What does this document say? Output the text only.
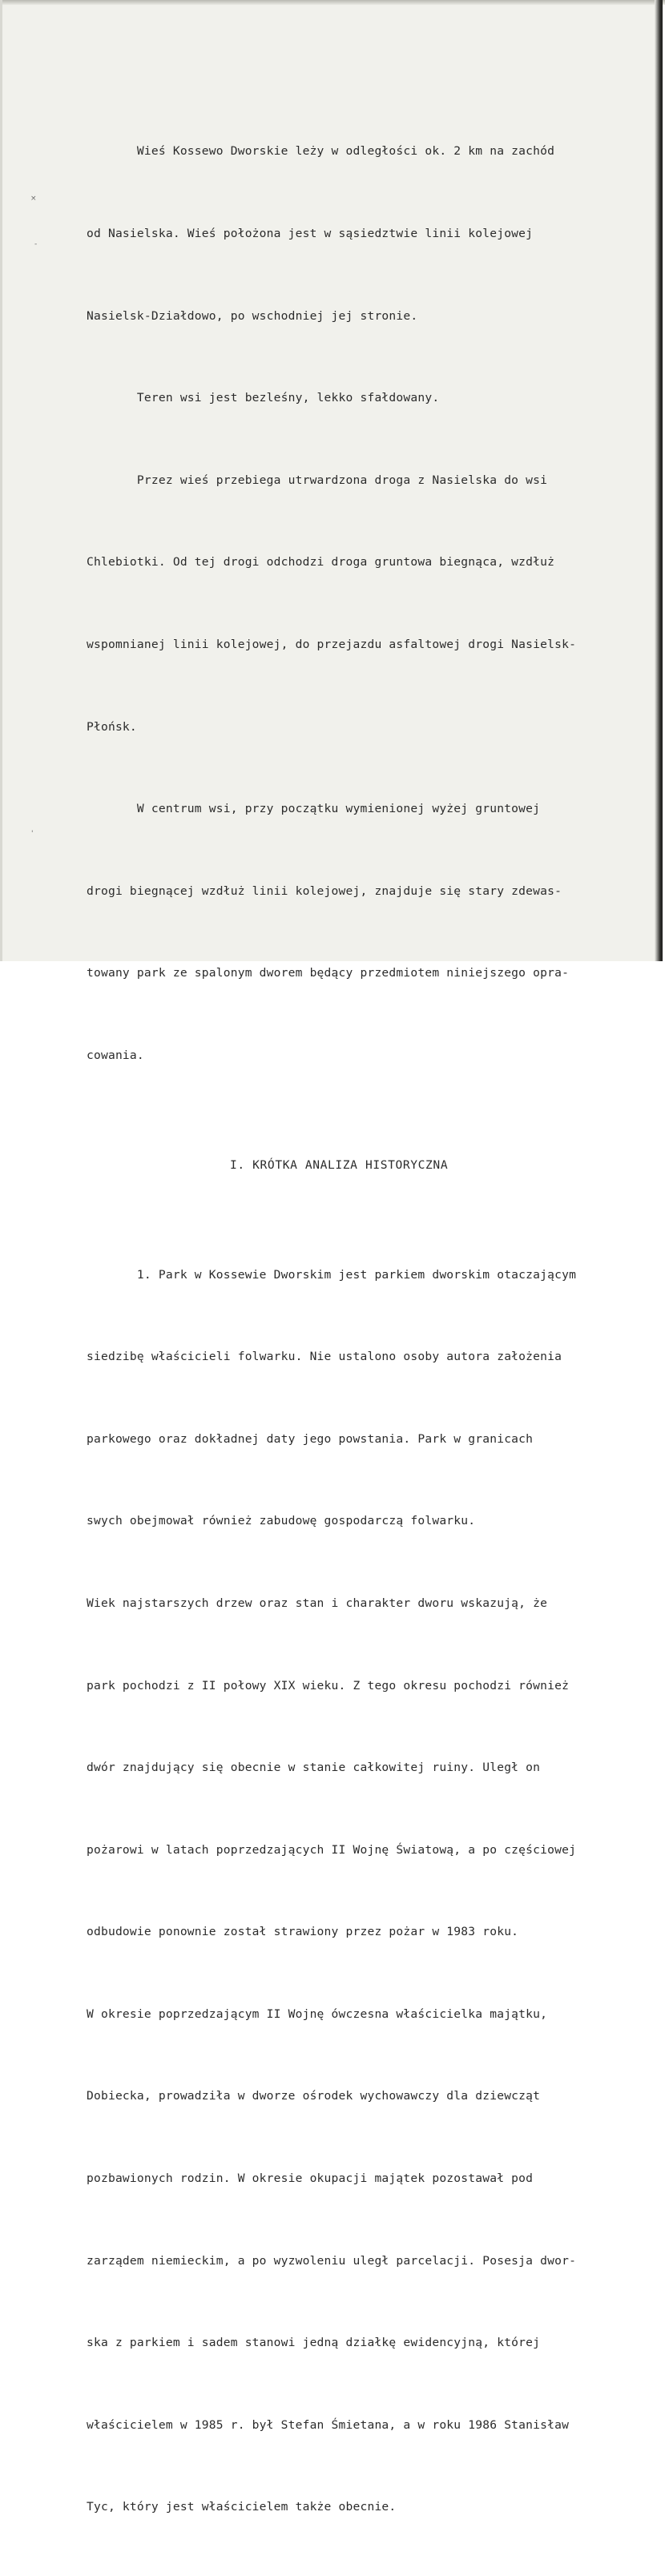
×
-
'

Wieś Kossewo Dworskie leży w odległości ok. 2 km na zachód

od Nasielska. Wieś położona jest w sąsiedztwie linii kolejowej

Nasielsk-Działdowo, po wschodniej jej stronie.

Teren wsi jest bezleśny, lekko sfałdowany.

Przez wieś przebiega utrwardzona droga z Nasielska do wsi

Chlebiotki. Od tej drogi odchodzi droga gruntowa biegnąca, wzdłuż

wspomnianej linii kolejowej, do przejazdu asfaltowej drogi Nasielsk-

Płońsk.

W centrum wsi, przy początku wymienionej wyżej gruntowej

drogi biegnącej wzdłuż linii kolejowej, znajduje się stary zdewas-

towany park ze spalonym dworem będący przedmiotem niniejszego opra-

cowania.

I. KRÓTKA ANALIZA HISTORYCZNA

1. Park w Kossewie Dworskim jest parkiem dworskim otaczającym

siedzibę właścicieli folwarku. Nie ustalono osoby autora założenia

parkowego oraz dokładnej daty jego powstania. Park w granicach

swych obejmował również zabudowę gospodarczą folwarku.

Wiek najstarszych drzew oraz stan i charakter dworu wskazują, że

park pochodzi z II połowy XIX wieku. Z tego okresu pochodzi również

dwór znajdujący się obecnie w stanie całkowitej ruiny. Uległ on

pożarowi w latach poprzedzających II Wojnę Światową, a po częściowej

odbudowie ponownie został strawiony przez pożar w 1983 roku.

W okresie poprzedzającym II Wojnę ówczesna właścicielka majątku,

Dobiecka, prowadziła w dworze ośrodek wychowawczy dla dziewcząt

pozbawionych rodzin. W okresie okupacji majątek pozostawał pod

zarządem niemieckim, a po wyzwoleniu uległ parcelacji. Posesja dwor-

ska z parkiem i sadem stanowi jedną działkę ewidencyjną, której

właścicielem w 1985 r. był Stefan Śmietana, a w roku 1986 Stanisław

Tyc, który jest właścicielem także obecnie.
